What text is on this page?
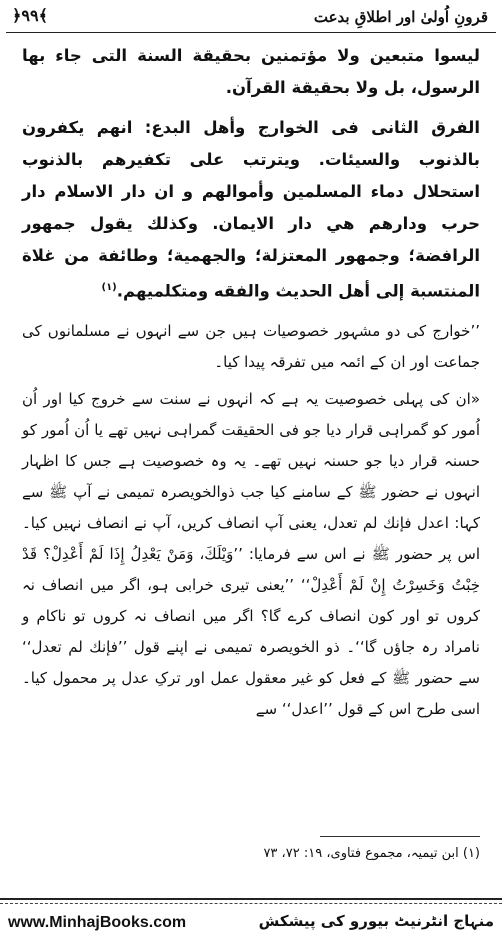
قرونِ اُولیٰ اور اطلاقِ بدعت
﴿٩٩﴾

ليسوا متبعين ولا مؤتمنين بحقيقة السنة التى جاء بها الرسول، بل ولا بحقيقة القرآن.

الفرق الثانى فى الخوارج وأهل البدع: انهم يكفرون بالذنوب والسيئات. ويترتب على تكفيرهم بالذنوب استحلال دماء المسلمين وأموالهم و ان دار الاسلام دار حرب ودارهم هي دار الايمان. وكذلك يقول جمهور الرافضة؛ وجمهور المعتزلة؛ والجهمية؛ وطائفة من غلاة المنتسبة إلى أهل الحديث والفقه ومتكلميهم.$^{(١)}$

’’خوارج کی دو مشہور خصوصیات ہیں جن سے انہوں نے مسلمانوں کی جماعت اور ان کے ائمہ میں تفرقہ پیدا کیا۔

«ان کی پہلی خصوصیت یہ ہے کہ انہوں نے سنت سے خروج کیا اور اُن اُمور کو گمراہی قرار دیا جو فی الحقیقت گمراہی نہیں تھے یا اُن اُمور کو حسنہ قرار دیا جو حسنہ نہیں تھے۔ یہ وہ خصوصیت ہے جس کا اظہار انہوں نے حضور ﷺ کے سامنے کیا جب ذوالخویصرہ تمیمی نے آپ ﷺ سے کہا: اعدل فإنك لم تعدل، یعنی آپ انصاف کریں، آپ نے انصاف نہیں کیا۔ اس پر حضور ﷺ نے اس سے فرمایا: ’’وَيْلَكَ، وَمَنْ يَعْدِلُ إِذَا لَمْ أَعْدِلْ؟ قَدْ خِبْتُ وَخَسِرْتُ إِنْ لَمْ أَعْدِلْ‘‘ ’’یعنی تیری خرابی ہو، اگر میں انصاف نہ کروں تو اور کون انصاف کرے گا؟ اگر میں انصاف نہ کروں تو ناکام و نامراد رہ جاؤں گا‘‘۔ ذو الخویصرہ تمیمی نے اپنے قول ’’فإنك لم تعدل‘‘ سے حضور ﷺ کے فعل کو غیر معقول عمل اور ترکِ عدل پر محمول کیا۔ اسی طرح اس کے قول ’’اعدل‘‘ سے

(١) ابن تیمیہ، مجموع فتاوی، ١٩: ٧٢، ٧٣
www.MinhajBooks.com	منہاج انٹرنیٹ بیورو کی پیشکش
